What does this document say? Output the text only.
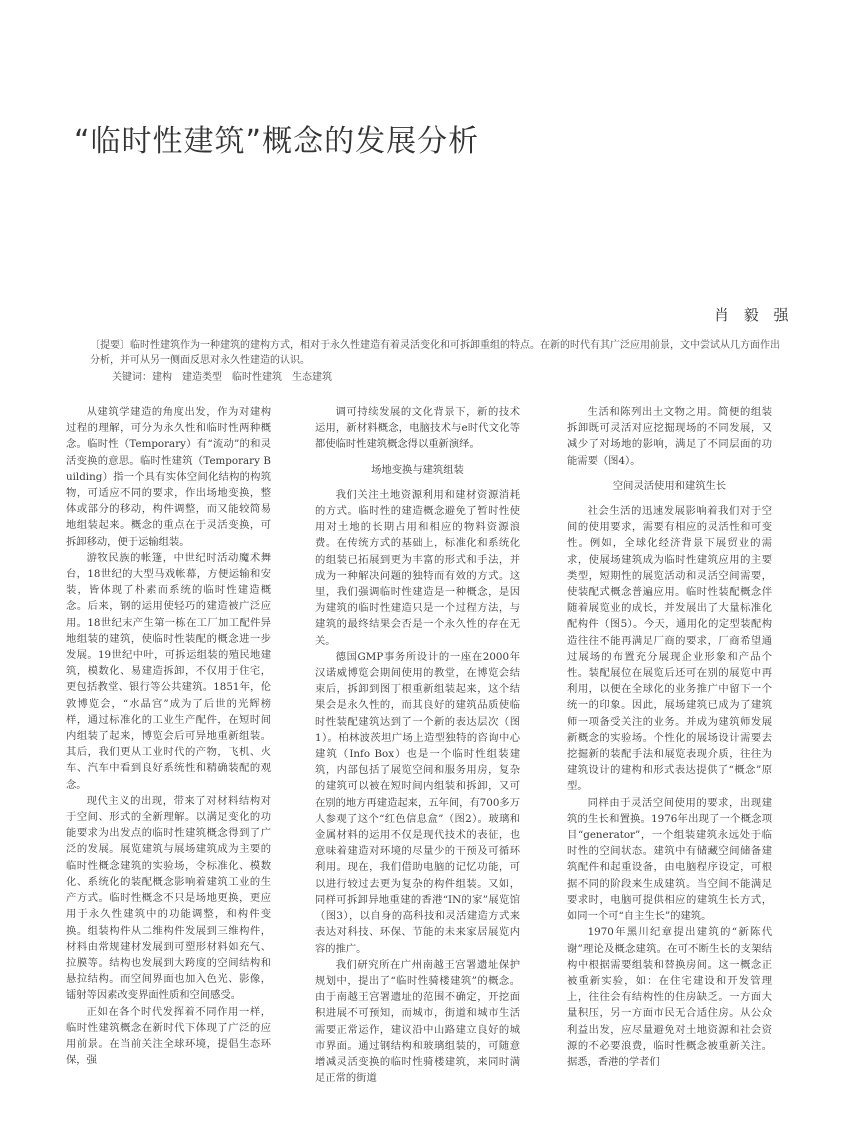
“临时性建筑”概念的发展分析
肖 毅 强
〔提要〕临时性建筑作为一种建筑的建构方式，相对于永久性建造有着灵活变化和可拆卸重组的特点。在新的时代有其广泛应用前景，文中尝试从几方面作出分析，并可从另一侧面反思对永久性建造的认识。
关键词：建构　建造类型　临时性建筑　生态建筑

从建筑学建造的角度出发，作为对建构过程的理解，可分为永久性和临时性两种概念。临时性（Temporary）有“流动”的和灵活变换的意思。临时性建筑（Temporary Building）指一个具有实体空间化结构的构筑物，可适应不同的要求，作出场地变换，整体或部分的移动，构件调整，而又能较简易地组装起来。概念的重点在于灵活变换，可拆卸移动，便于运输组装。

游牧民族的帐篷，中世纪时活动魔术舞台，18世纪的大型马戏帐幕，方便运输和安装，皆体现了朴素而系统的临时性建造概念。后来，钢的运用使轻巧的建造被广泛应用。18世纪末产生第一栋在工厂加工配件异地组装的建筑，使临时性装配的概念进一步发展。19世纪中叶，可拆运组装的殖民地建筑，模数化、易建造拆卸，不仅用于住宅，更包括教堂、银行等公共建筑。1851年，伦敦博览会，“水晶宫”成为了后世的光辉榜样，通过标准化的工业生产配件，在短时间内组装了起来，博览会后可异地重新组装。其后，我们更从工业时代的产物，飞机、火车、汽车中看到良好系统性和精确装配的观念。

现代主义的出现，带来了对材料结构对于空间、形式的全新理解。以满足变化的功能要求为出发点的临时性建筑概念得到了广泛的发展。展览建筑与展场建筑成为主要的临时性概念建筑的实验场，令标准化、模数化、系统化的装配概念影响着建筑工业的生产方式。临时性概念不只是场地更换，更应用于永久性建筑中的功能调整，和构件变换。组装构件从二维构件发展到三维构件，材料由常规建材发展到可塑形材料如充气、拉膜等。结构也发展到大跨度的空间结构和悬拉结构。而空间界面也加入色光、影像，镭射等因素改变界面性质和空间感受。

正如在各个时代发挥着不同作用一样，临时性建筑概念在新时代下体现了广泛的应用前景。在当前关注全球环境，提倡生态环保，强

调可持续发展的文化背景下，新的技术运用，新材料概念，电脑技术与e时代文化等都使临时性建筑概念得以重新演绎。

场地变换与建筑组装

我们关注土地资源利用和建材资源消耗的方式。临时性的建造概念避免了暂时性使用对土地的长期占用和相应的物料资源浪费。在传统方式的基础上，标准化和系统化的组装已拓展到更为丰富的形式和手法，并成为一种解决问题的独特而有效的方式。这里，我们强调临时性建造是一种概念，是因为建筑的临时性建造只是一个过程方法，与建筑的最终结果会否是一个永久性的存在无关。

德国GMP事务所设计的一座在2000年汉诺威博览会期间使用的教堂，在博览会结束后，拆卸到图丁根重新组装起来，这个结果会是永久性的，而其良好的建筑品质使临时性装配建筑达到了一个新的表达层次（图1）。柏林波茨坦广场上造型独特的咨询中心建筑（Info Box）也是一个临时性组装建筑，内部包括了展览空间和服务用房，复杂的建筑可以被在短时间内组装和拆卸，又可在别的地方再建造起来，五年间，有700多万人参观了这个“红色信息盒”（图2）。玻璃和金属材料的运用不仅是现代技术的表征，也意味着建造对环境的尽量少的干预及可循环利用。现在，我们借助电脑的记忆功能，可以进行较过去更为复杂的构件组装。又如，同样可拆卸异地重建的香港“IN的家”展览馆（图3），以自身的高科技和灵活建造方式来表达对科技、环保、节能的未来家居展览内容的推广。

我们研究所在广州南越王宫署遗址保护规划中，提出了“临时性骑楼建筑”的概念。由于南越王宫署遗址的范围不确定，开挖面积进展不可预知，而城市，街道和城市生活需要正常运作，建议沿中山路建立良好的城市界面。通过钢结构和玻璃组装的，可随意增减灵活变换的临时性骑楼建筑，来同时满足正常的街道

生活和陈列出土文物之用。简便的组装拆卸既可灵活对应挖掘现场的不同发展，又减少了对场地的影响，满足了不同层面的功能需要（图4）。

空间灵活使用和建筑生长

社会生活的迅速发展影响着我们对于空间的使用要求，需要有相应的灵活性和可变性。例如，全球化经济背景下展贸业的需求，使展场建筑成为临时性建筑应用的主要类型，短期性的展览活动和灵活空间需要，使装配式概念普遍应用。临时性装配概念伴随着展览业的成长，并发展出了大量标准化配构件（图5）。今天，通用化的定型装配构造往往不能再满足厂商的要求，厂商希望通过展场的布置充分展现企业形象和产品个性。装配展位在展览后还可在别的展览中再利用，以便在全球化的业务推广中留下一个统一的印象。因此，展场建筑已成为了建筑师一项备受关注的业务。并成为建筑师发展新概念的实验场。个性化的展场设计需要去挖掘新的装配手法和展览表现介质，往往为建筑设计的建构和形式表达提供了“概念”原型。

同样由于灵活空间使用的要求，出现建筑的生长和置换。1976年出现了一个概念项目“generator”，一个组装建筑永远处于临时性的空间状态。建筑中有储藏空间储备建筑配件和起重设备，由电脑程序设定，可根据不同的阶段来生成建筑。当空间不能满足要求时，电脑可提供相应的建筑生长方式，如同一个可“自主生长”的建筑。

1970年黑川纪章提出建筑的“新陈代谢”理论及概念建筑。在可不断生长的支架结构中根据需要组装和替换房间。这一概念正被重新实验，如：在住宅建设和开发管理上，往往会有结构性的住房缺乏。一方面大量积压，另一方面市民无合适住房。从公众利益出发，应尽量避免对土地资源和社会资源的不必要浪费，临时性概念被重新关注。据悉，香港的学者们
